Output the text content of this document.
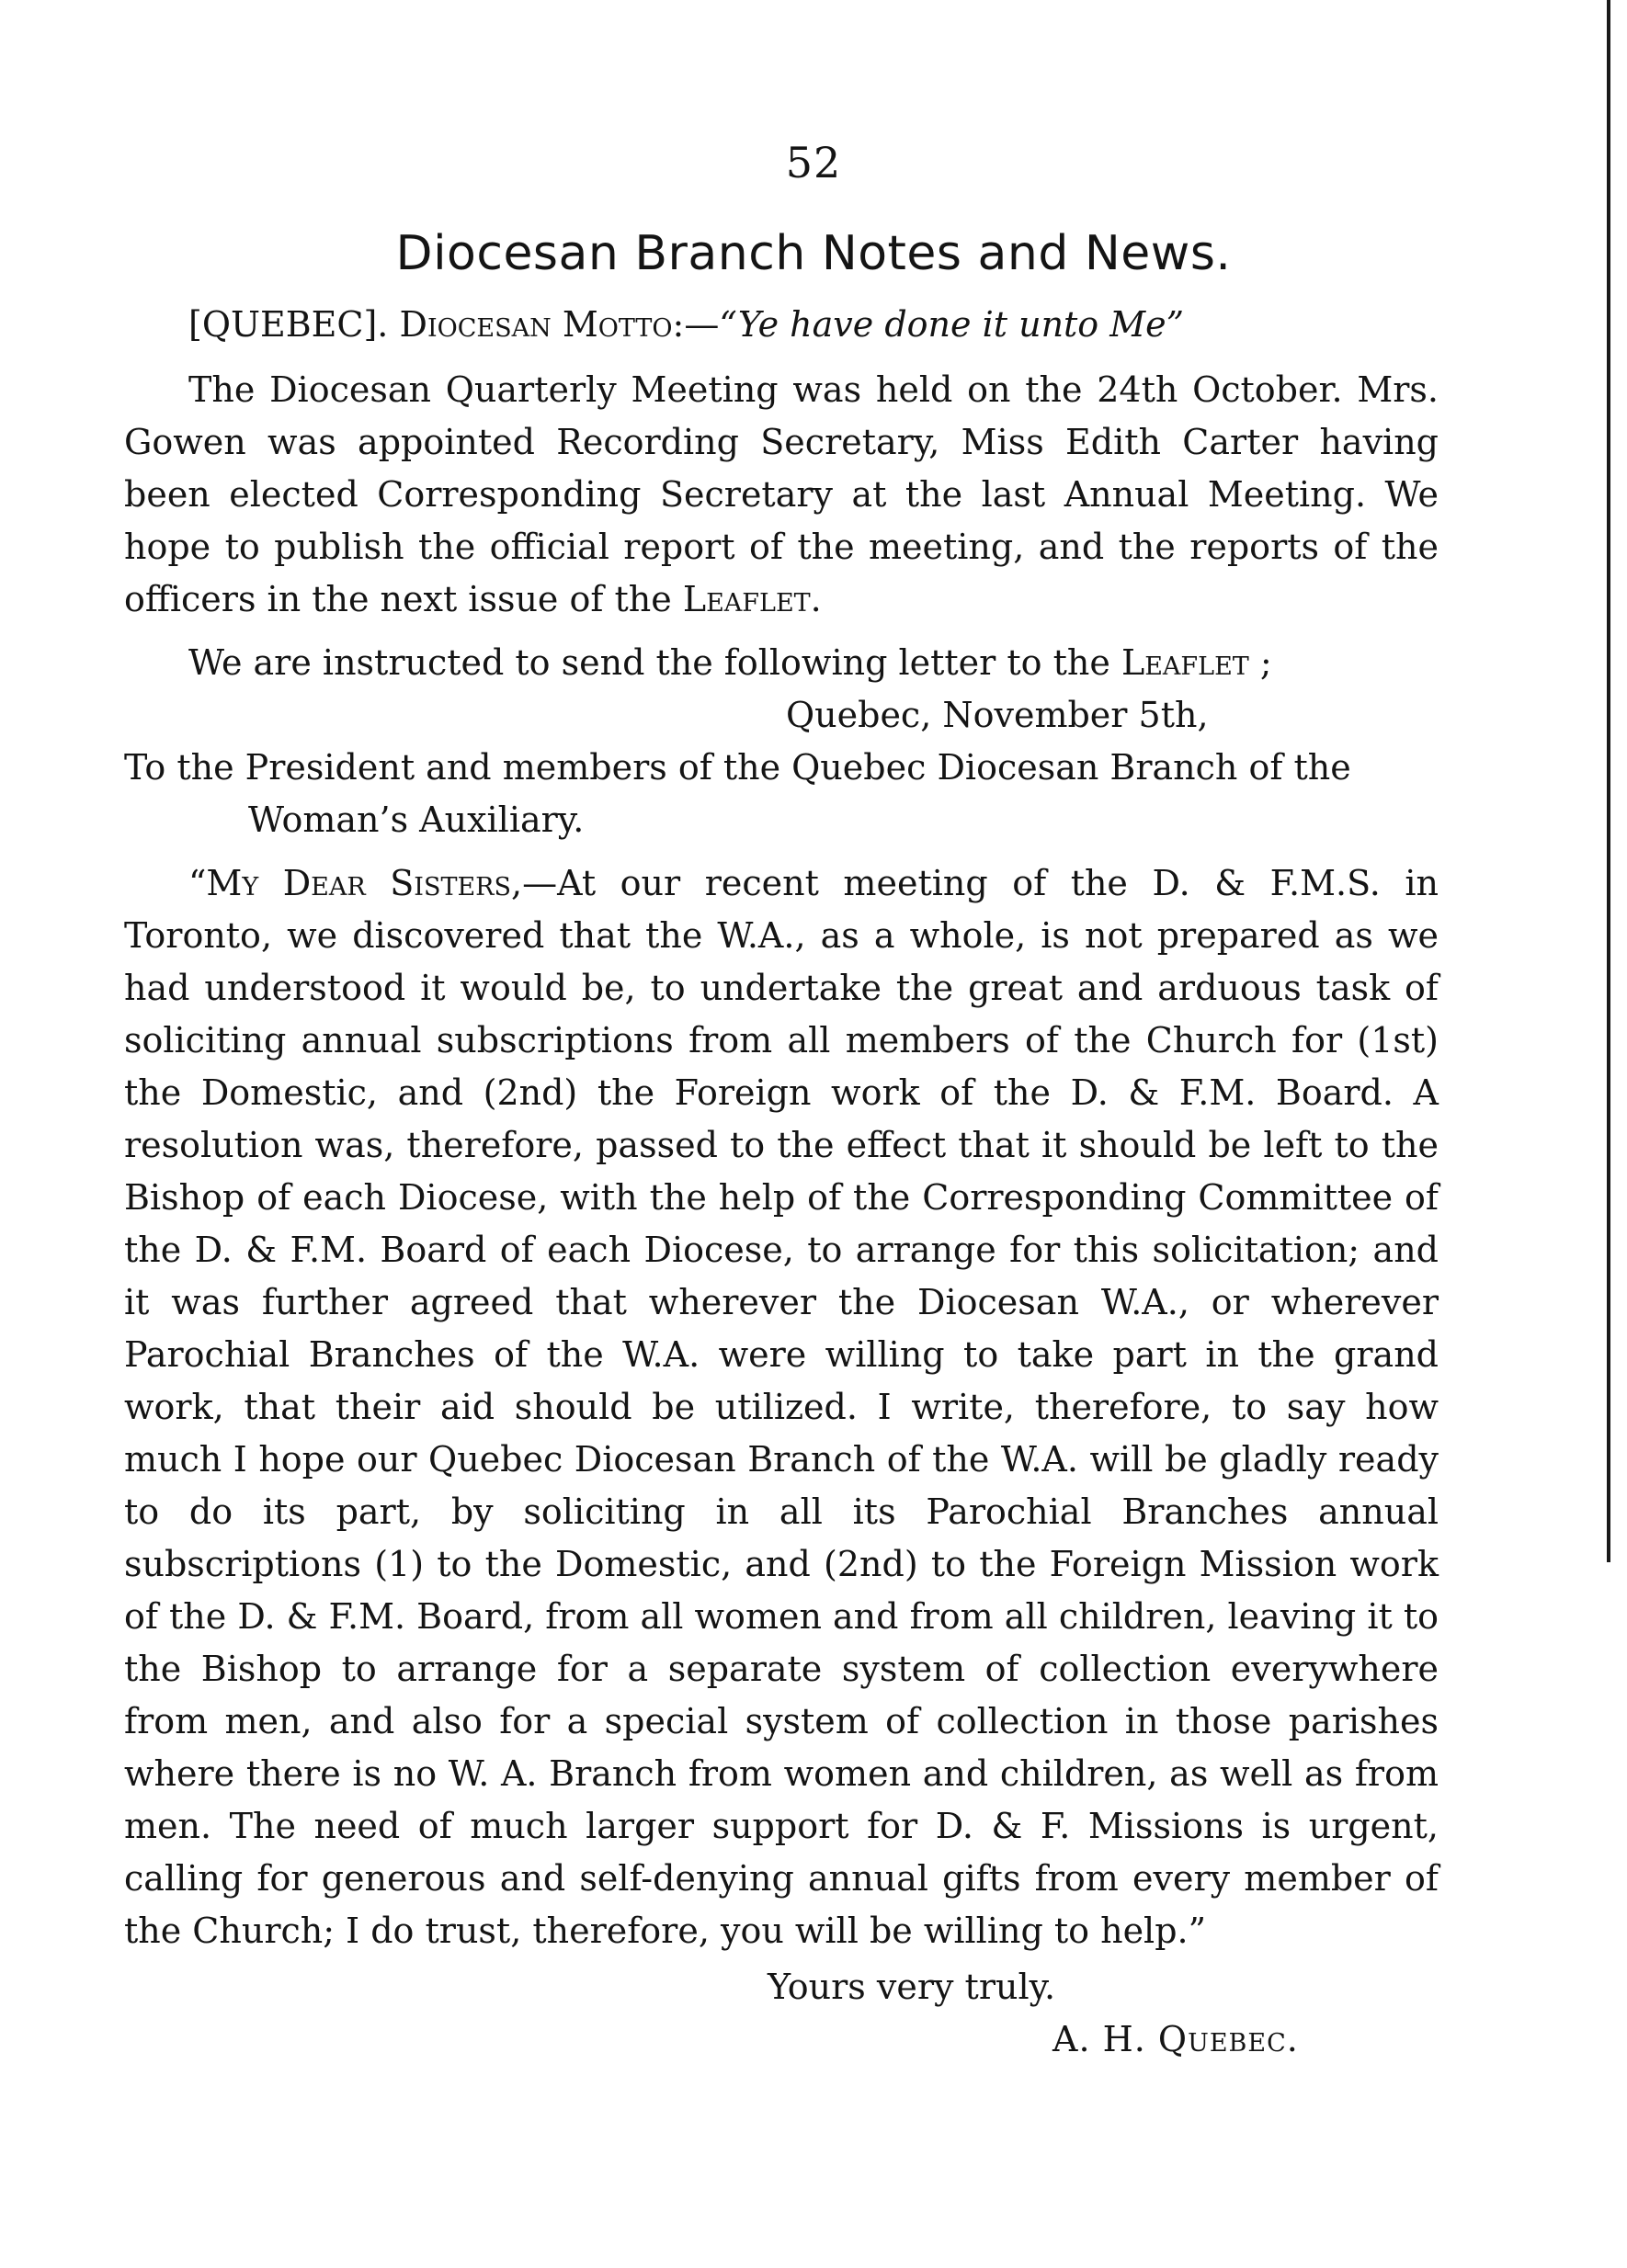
52
Diocesan Branch Notes and News.

[QUEBEC]. Diocesan Motto:—“Ye have done it unto Me”

The Diocesan Quarterly Meeting was held on the 24th October. Mrs. Gowen was appointed Recording Secretary, Miss Edith Carter having been elected Corresponding Secretary at the last Annual Meeting. We hope to publish the official report of the meeting, and the reports of the officers in the next issue of the Leaflet.

We are instructed to send the following letter to the Leaflet ;

Quebec, November 5th,

To the President and members of the Quebec Diocesan Branch of the Woman’s Auxiliary.

“My Dear Sisters,—At our recent meeting of the D. & F.M.S. in Toronto, we discovered that the W.A., as a whole, is not prepared as we had understood it would be, to undertake the great and arduous task of soliciting annual subscriptions from all members of the Church for (1st) the Domestic, and (2nd) the Foreign work of the D. & F.M. Board. A resolution was, therefore, passed to the effect that it should be left to the Bishop of each Diocese, with the help of the Corresponding Committee of the D. & F.M. Board of each Diocese, to arrange for this solicitation; and it was further agreed that wherever the Diocesan W.A., or wherever Parochial Branches of the W.A. were willing to take part in the grand work, that their aid should be utilized. I write, therefore, to say how much I hope our Quebec Diocesan Branch of the W.A. will be gladly ready to do its part, by soliciting in all its Parochial Branches annual subscriptions (1) to the Domestic, and (2nd) to the Foreign Mission work of the D. & F.M. Board, from all women and from all children, leaving it to the Bishop to arrange for a separate system of collection everywhere from men, and also for a special system of collection in those parishes where there is no W. A. Branch from women and children, as well as from men. The need of much larger support for D. & F. Missions is urgent, calling for generous and self-denying annual gifts from every member of the Church; I do trust, therefore, you will be willing to help.”

Yours very truly.

A. H. Quebec.
